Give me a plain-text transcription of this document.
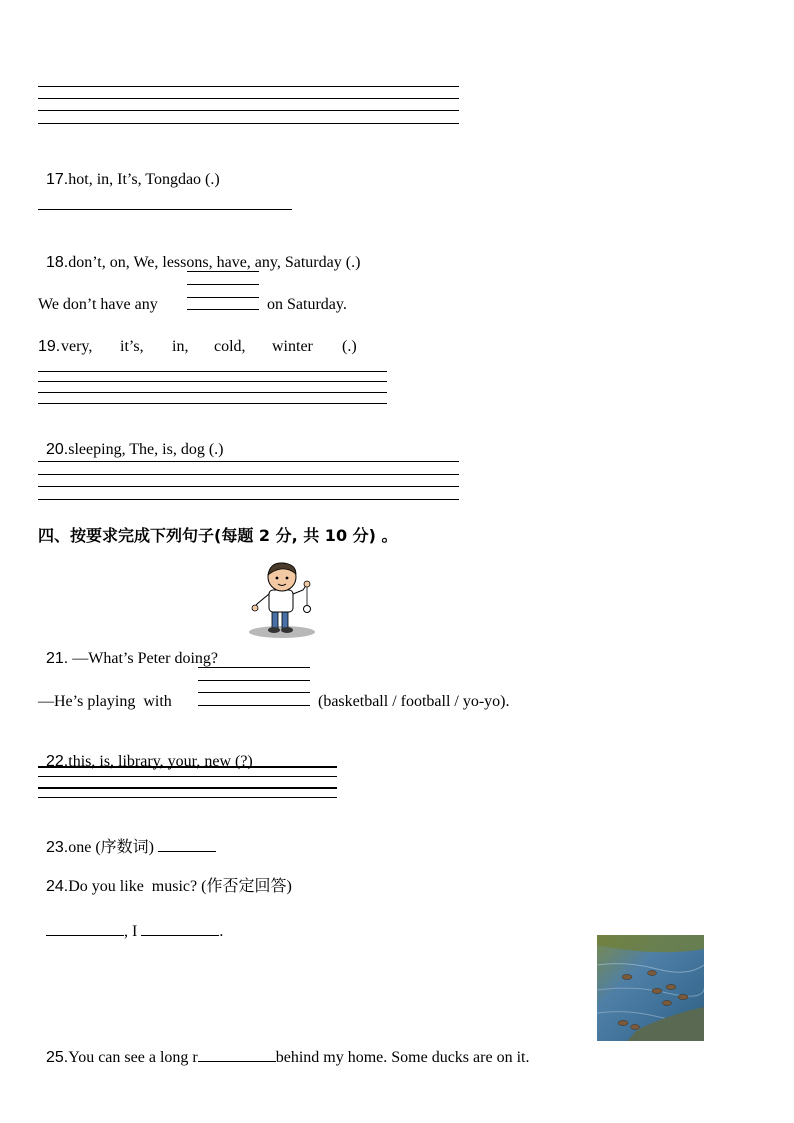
17.hot, in, It’s, Tongdao (.)

18.don’t, on, We, lessons, have, any, Saturday (.)

We don’t have any	on Saturday.
19. very, it’s, in, cold, winter (.)

20.sleeping, The, is, dog (.)

四、按要求完成下列句子(每题 2 分, 共 10 分) 。

21. —What’s Peter doing?

—He’s playing  with	(basketball / football / yo-yo).

22.this, is, library, your, new (?)

23.one (序数词)

24.Do you like  music? (作否定回答)

, I	.

25.You can see a long r	behind my home. Some ducks are on it.
